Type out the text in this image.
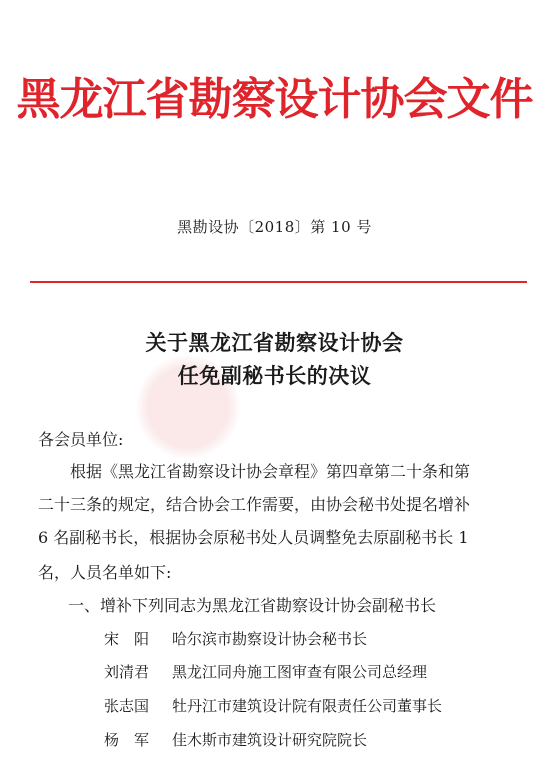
黑龙江省勘察设计协会文件
黑勘设协〔2018〕第 10 号
关于黑龙江省勘察设计协会
任免副秘书长的决议
各会员单位:
根据《黑龙江省勘察设计协会章程》第四章第二十条和第
二十三条的规定，结合协会工作需要，由协会秘书处提名增补
6 名副秘书长，根据协会原秘书处人员调整免去原副秘书长 1
名，人员名单如下:
一、增补下列同志为黑龙江省勘察设计协会副秘书长
宋　阳 哈尔滨市勘察设计协会秘书长
刘清君 黑龙江同舟施工图审查有限公司总经理
张志国 牡丹江市建筑设计院有限责任公司董事长
杨　军 佳木斯市建筑设计研究院院长
